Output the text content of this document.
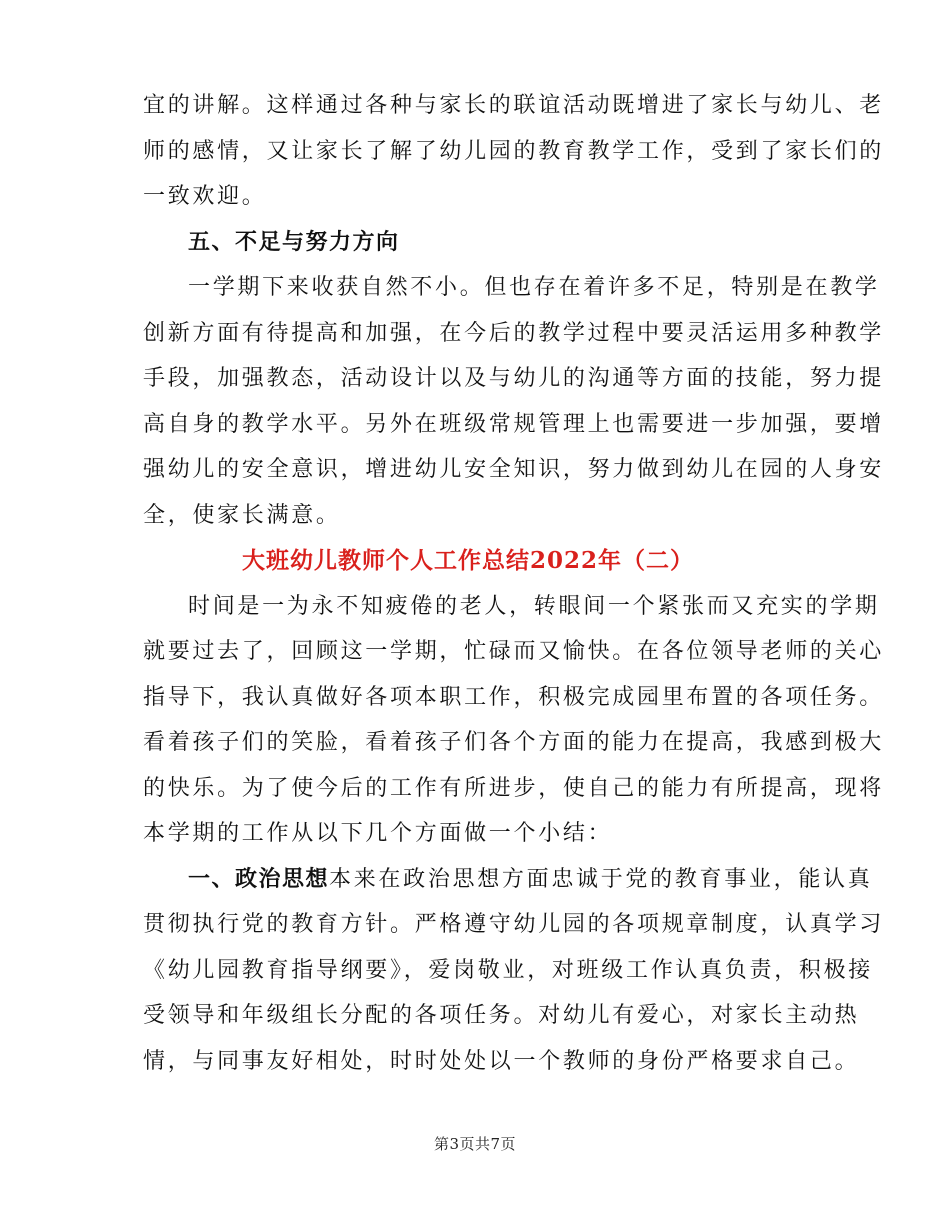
宜的讲解。这样通过各种与家长的联谊活动既增进了家长与幼儿、老
师的感情，又让家长了解了幼儿园的教育教学工作，受到了家长们的
一致欢迎。
五、不足与努力方向
一学期下来收获自然不小。但也存在着许多不足，特别是在教学
创新方面有待提高和加强，在今后的教学过程中要灵活运用多种教学
手段，加强教态，活动设计以及与幼儿的沟通等方面的技能，努力提
高自身的教学水平。另外在班级常规管理上也需要进一步加强，要增
强幼儿的安全意识，增进幼儿安全知识，努力做到幼儿在园的人身安
全，使家长满意。
大班幼儿教师个人工作总结2022年（二）
时间是一为永不知疲倦的老人，转眼间一个紧张而又充实的学期
就要过去了，回顾这一学期，忙碌而又愉快。在各位领导老师的关心
指导下，我认真做好各项本职工作，积极完成园里布置的各项任务。
看着孩子们的笑脸，看着孩子们各个方面的能力在提高，我感到极大
的快乐。为了使今后的工作有所进步，使自己的能力有所提高，现将
本学期的工作从以下几个方面做一个小结：
一、政治思想本来在政治思想方面忠诚于党的教育事业，能认真
贯彻执行党的教育方针。严格遵守幼儿园的各项规章制度，认真学习
《幼儿园教育指导纲要》，爱岗敬业，对班级工作认真负责，积极接
受领导和年级组长分配的各项任务。对幼儿有爱心，对家长主动热
情，与同事友好相处，时时处处以一个教师的身份严格要求自己。
第3页共7页
